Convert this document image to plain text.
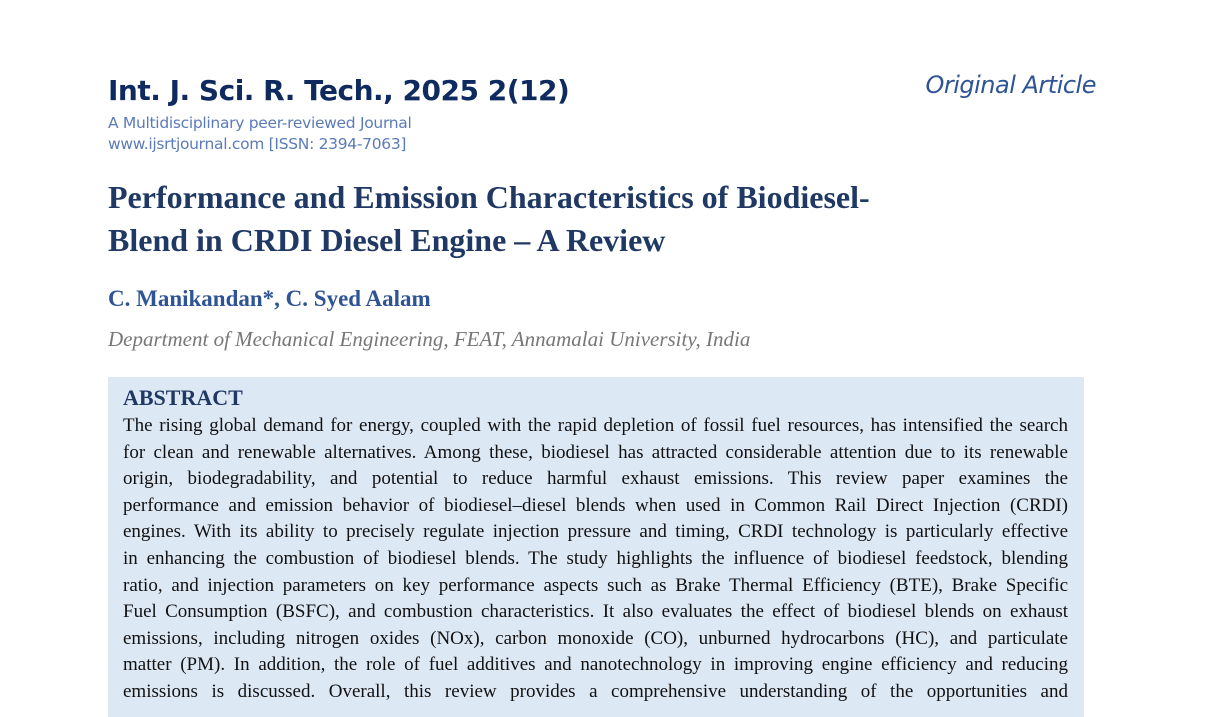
Int. J. Sci. R. Tech., 2025 2(12)
A Multidisciplinary peer-reviewed Journal
www.ijsrtjournal.com [ISSN: 2394-7063]
Original Article
Performance and Emission Characteristics of Biodiesel-
Blend in CRDI Diesel Engine – A Review
C. Manikandan*, C. Syed Aalam
Department of Mechanical Engineering, FEAT, Annamalai University, India
ABSTRACT
The rising global demand for energy, coupled with the rapid depletion of fossil fuel resources, has intensified the search
for clean and renewable alternatives. Among these, biodiesel has attracted considerable attention due to its renewable
origin, biodegradability, and potential to reduce harmful exhaust emissions. This review paper examines the
performance and emission behavior of biodiesel–diesel blends when used in Common Rail Direct Injection (CRDI)
engines. With its ability to precisely regulate injection pressure and timing, CRDI technology is particularly effective
in enhancing the combustion of biodiesel blends. The study highlights the influence of biodiesel feedstock, blending
ratio, and injection parameters on key performance aspects such as Brake Thermal Efficiency (BTE), Brake Specific
Fuel Consumption (BSFC), and combustion characteristics. It also evaluates the effect of biodiesel blends on exhaust
emissions, including nitrogen oxides (NOx), carbon monoxide (CO), unburned hydrocarbons (HC), and particulate
matter (PM). In addition, the role of fuel additives and nanotechnology in improving engine efficiency and reducing
emissions is discussed. Overall, this review provides a comprehensive understanding of the opportunities and
